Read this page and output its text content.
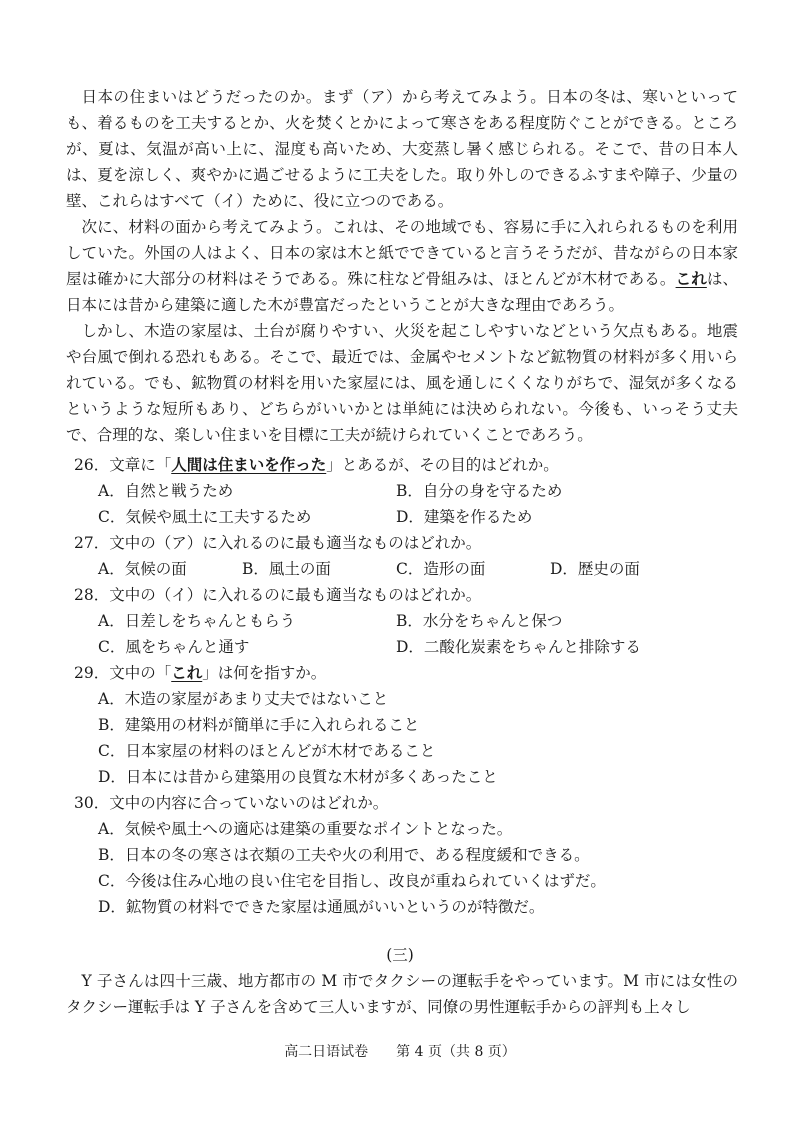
日本の住まいはどうだったのか。まず（ア）から考えてみよう。日本の冬は、寒いといっても、着るものを工夫するとか、火を焚くとかによって寒さをある程度防ぐことができる。ところが、夏は、気温が高い上に、湿度も高いため、大変蒸し暑く感じられる。そこで、昔の日本人は、夏を涼しく、爽やかに過ごせるように工夫をした。取り外しのできるふすまや障子、少量の壁、これらはすべて（イ）ために、役に立つのである。

次に、材料の面から考えてみよう。これは、その地域でも、容易に手に入れられるものを利用していた。外国の人はよく、日本の家は木と紙でできていると言うそうだが、昔ながらの日本家屋は確かに大部分の材料はそうである。殊に柱など骨組みは、ほとんどが木材である。これは、日本には昔から建築に適した木が豊富だったということが大きな理由であろう。

しかし、木造の家屋は、土台が腐りやすい、火災を起こしやすいなどという欠点もある。地震や台風で倒れる恐れもある。そこで、最近では、金属やセメントなど鉱物質の材料が多く用いられている。でも、鉱物質の材料を用いた家屋には、風を通しにくくなりがちで、湿気が多くなるというような短所もあり、どちらがいいかとは単純には決められない。今後も、いっそう丈夫で、合理的な、楽しい住まいを目標に工夫が続けられていくことであろう。

26．文章に「人間は住まいを作った」とあるが、その目的はどれか。
A．自然と戦うため	B．自分の身を守るため
C．気候や風土に工夫するため	D．建築を作るため
27．文中の（ア）に入れるのに最も適当なものはどれか。
A．気候の面	B．風土の面	C．造形の面	D．歴史の面
28．文中の（イ）に入れるのに最も適当なものはどれか。
A．日差しをちゃんともらう	B．水分をちゃんと保つ
C．風をちゃんと通す	D．二酸化炭素をちゃんと排除する
29．文中の「これ」は何を指すか。
A．木造の家屋があまり丈夫ではないこと
B．建築用の材料が簡単に手に入れられること
C．日本家屋の材料のほとんどが木材であること
D．日本には昔から建築用の良質な木材が多くあったこと
30．文中の内容に合っていないのはどれか。
A．気候や風土への適応は建築の重要なポイントとなった。
B．日本の冬の寒さは衣類の工夫や火の利用で、ある程度緩和できる。
C．今後は住み心地の良い住宅を目指し、改良が重ねられていくはずだ。
D．鉱物質の材料でできた家屋は通風がいいというのが特徴だ。
(三)

Y 子さんは四十三歳、地方都市の M 市でタクシーの運転手をやっています。M 市には女性のタクシー運転手は Y 子さんを含めて三人いますが、同僚の男性運転手からの評判も上々し

高二日语试卷　　第 4 页（共 8 页）
